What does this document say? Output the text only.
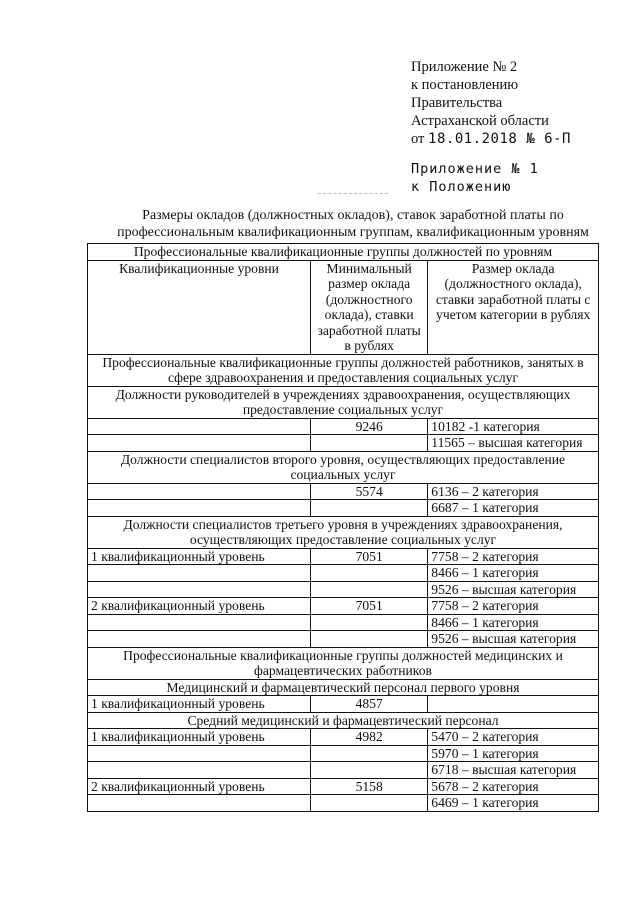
Приложение № 2
к постановлению
Правительства
Астраханской области
от 18.01.2018 № 6-П
Приложение № 1
к Положению
Размеры окладов (должностных окладов), ставок заработной платы по профессиональным квалификационным группам, квалификационным уровням
Профессиональные квалификационные группы должностей по уровням		
Квалификационные уровни	Минимальный размер оклада (должностного оклада), ставки заработной платы в рублях	Размер оклада (должностного оклада), ставки заработной платы с учетом категории в рублях
Профессиональные квалификационные группы должностей работников, занятых в сфере здравоохранения и предоставления социальных услуг		
Должности руководителей в учреждениях здравоохранения, осуществляющих предоставление социальных услуг		
	9246	10182 -1 категория
		11565 – высшая категория
Должности специалистов второго уровня, осуществляющих предоставление социальных услуг		
	5574	6136 – 2 категория
		6687 – 1 категория
Должности специалистов третьего уровня в учреждениях здравоохранения, осуществляющих предоставление социальных услуг		
1 квалификационный уровень	7051	7758 – 2 категория
		8466 – 1 категория
		9526 – высшая категория
2 квалификационный уровень	7051	7758 – 2 категория
		8466 – 1 категория
		9526 – высшая категория
Профессиональные квалификационные группы должностей медицинских и фармацевтических работников		
Медицинский и фармацевтический персонал первого уровня		
1 квалификационный уровень	4857	
Средний медицинский и фармацевтический персонал		
1 квалификационный уровень	4982	5470 – 2 категория
		5970 – 1 категория
		6718 – высшая категория
2 квалификационный уровень	5158	5678 – 2 категория
		6469 – 1 категория
